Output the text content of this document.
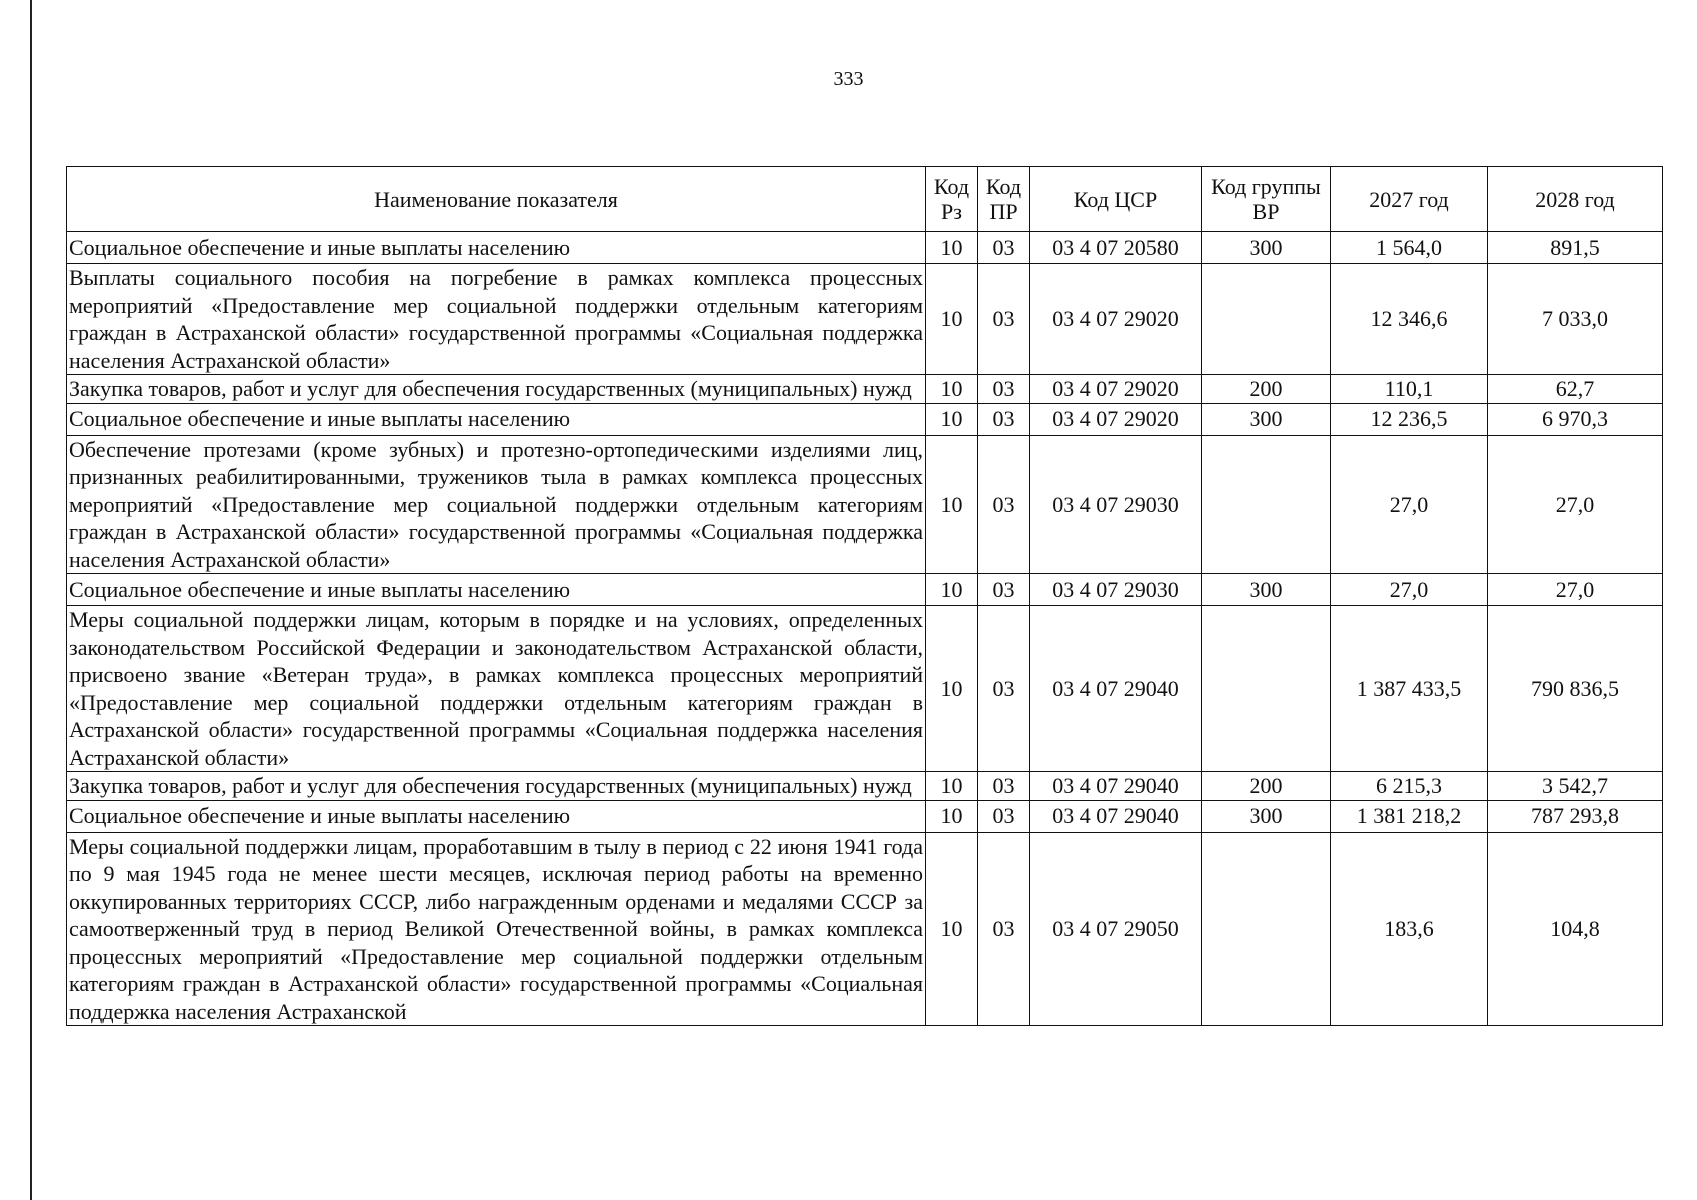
333
Наименование показателя	Код Рз	Код ПР	Код ЦСР	Код группы ВР	2027 год	2028 год
Социальное обеспечение и иные выплаты населению	10	03	03 4 07 20580	300	1 564,0	891,5
Выплаты социального пособия на погребение в рамках комплекса процессных мероприятий «Предоставление мер социальной поддержки отдельным категориям граждан в Астраханской области» государственной программы «Социальная поддержка населения Астраханской области»	10	03	03 4 07 29020		12 346,6	7 033,0
Закупка товаров, работ и услуг для обеспечения государственных (муниципальных) нужд	10	03	03 4 07 29020	200	110,1	62,7
Социальное обеспечение и иные выплаты населению	10	03	03 4 07 29020	300	12 236,5	6 970,3
Обеспечение протезами (кроме зубных) и протезно-ортопедическими изделиями лиц, признанных реабилитированными, тружеников тыла в рамках комплекса процессных мероприятий «Предоставление мер социальной поддержки отдельным категориям граждан в Астраханской области» государственной программы «Социальная поддержка населения Астраханской области»	10	03	03 4 07 29030		27,0	27,0
Социальное обеспечение и иные выплаты населению	10	03	03 4 07 29030	300	27,0	27,0
Меры социальной поддержки лицам, которым в порядке и на условиях, определенных законодательством Российской Федерации и законодательством Астраханской области, присвоено звание «Ветеран труда», в рамках комплекса процессных мероприятий «Предоставление мер социальной поддержки отдельным категориям граждан в Астраханской области» государственной программы «Социальная поддержка населения Астраханской области»	10	03	03 4 07 29040		1 387 433,5	790 836,5
Закупка товаров, работ и услуг для обеспечения государственных (муниципальных) нужд	10	03	03 4 07 29040	200	6 215,3	3 542,7
Социальное обеспечение и иные выплаты населению	10	03	03 4 07 29040	300	1 381 218,2	787 293,8
Меры социальной поддержки лицам, проработавшим в тылу в период с 22 июня 1941 года по 9 мая 1945 года не менее шести месяцев, исключая период работы на временно оккупированных территориях СССР, либо награжденным орденами и медалями СССР за самоотверженный труд в период Великой Отечественной войны, в рамках комплекса процессных мероприятий «Предоставление мер социальной поддержки отдельным категориям граждан в Астраханской области» государственной программы «Социальная поддержка населения Астраханской	10	03	03 4 07 29050		183,6	104,8
